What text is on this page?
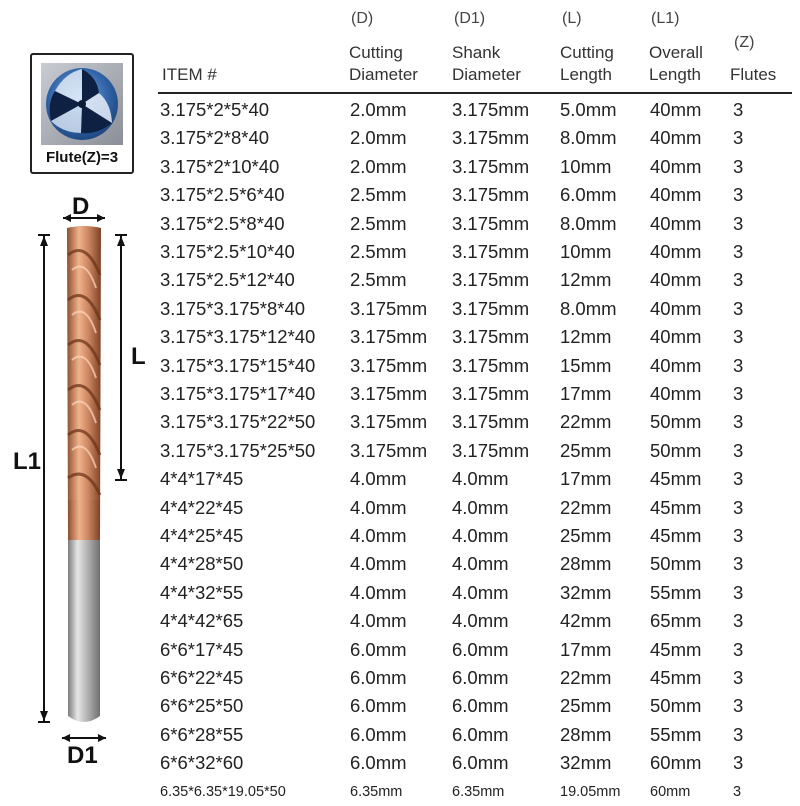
Flute(Z)=3
D
L1
L
D1
ITEM #
(D)
Cutting
Diameter
(D1)
Shank
Diameter
(L)
Cutting
Length
(L1)
Overall
Length
(Z)
Flutes
3.175*2*5*40	2.0mm 3.175mm 5.0mm 40mm 3
3.175*2*8*40	2.0mm 3.175mm 8.0mm 40mm 3
3.175*2*10*40	2.0mm 3.175mm 10mm 40mm 3
3.175*2.5*6*40	2.5mm 3.175mm 6.0mm 40mm 3
3.175*2.5*8*40	2.5mm 3.175mm 8.0mm 40mm 3
3.175*2.5*10*40	2.5mm 3.175mm 10mm 40mm 3
3.175*2.5*12*40	2.5mm 3.175mm 12mm 40mm 3
3.175*3.175*8*40 3.175mm 3.175mm 8.0mm 40mm 3
3.175*3.175*12*40 3.175mm 3.175mm 12mm 40mm 3
3.175*3.175*15*40 3.175mm 3.175mm 15mm 40mm 3
3.175*3.175*17*40 3.175mm 3.175mm 17mm 40mm 3
3.175*3.175*22*50 3.175mm 3.175mm 22mm 50mm 3
3.175*3.175*25*50 3.175mm 3.175mm 25mm 50mm 3
4*4*17*45	4.0mm 4.0mm	17mm 45mm 3
4*4*22*45	4.0mm 4.0mm	22mm 45mm 3
4*4*25*45	4.0mm 4.0mm	25mm 45mm 3
4*4*28*50	4.0mm 4.0mm	28mm 50mm 3
4*4*32*55	4.0mm 4.0mm	32mm 55mm 3
4*4*42*65	4.0mm 4.0mm	42mm 65mm 3
6*6*17*45	6.0mm 6.0mm	17mm 45mm 3
6*6*22*45	6.0mm 6.0mm	22mm 45mm 3
6*6*25*50	6.0mm 6.0mm	25mm 50mm 3
6*6*28*55	6.0mm 6.0mm	28mm 55mm 3
6*6*32*60	6.0mm 6.0mm	32mm 60mm 3
6.35*6.35*19.05*50	6.35mm	6.35mm	19.05mm 60mm	3
